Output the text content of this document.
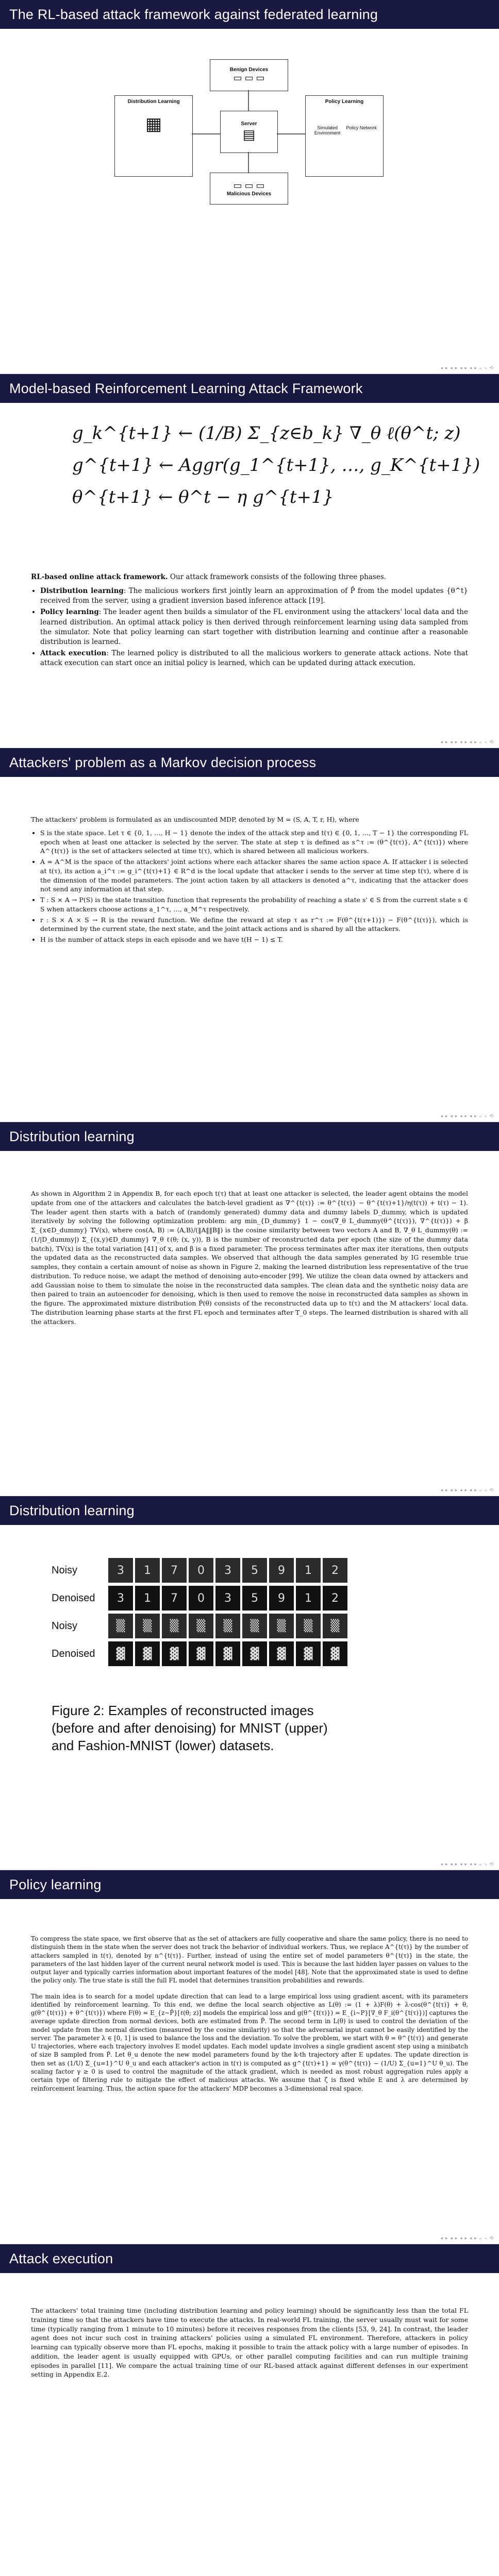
The RL-based attack framework against federated learning
Benign Devices
▭ ▭ ▭
Server
▤
▭ ▭ ▭
Malicious Devices
Distribution Learning
▦
Policy Learning
Simulated Environment
Policy Network
◂ ▸ ◂ ▸ ◂ ▸ ◂ ▸ ⤶ ⤷ ⟲
Model-based Reinforcement Learning Attack Framework
g_k^{t+1} ← (1/B) Σ_{z∈b_k} ∇_θ ℓ(θ^t; z)
g^{t+1} ← Aggr(g_1^{t+1}, …, g_K^{t+1})
θ^{t+1} ← θ^t − η g^{t+1}

RL-based online attack framework. Our attack framework consists of the following three phases.

• Distribution learning: The malicious workers first jointly learn an approximation of P̂ from the model updates {θ^t} received from the server, using a gradient inversion based inference attack [19].
• Policy learning: The leader agent then builds a simulator of the FL environment using the attackers' local data and the learned distribution. An optimal attack policy is then derived through reinforcement learning using data sampled from the simulator. Note that policy learning can start together with distribution learning and continue after a reasonable distribution is learned.
• Attack execution: The learned policy is distributed to all the malicious workers to generate attack actions. Note that attack execution can start once an initial policy is learned, which can be updated during attack execution.
◂ ▸ ◂ ▸ ◂ ▸ ◂ ▸ ⤶ ⤷ ⟲
Attackers' problem as a Markov decision process

The attackers' problem is formulated as an undiscounted MDP, denoted by M = (S, A, T, r, H), where

• S is the state space. Let τ ∈ {0, 1, …, H − 1} denote the index of the attack step and t(τ) ∈ {0, 1, …, T − 1} the corresponding FL epoch when at least one attacker is selected by the server. The state at step τ is defined as s^τ := (θ^{t(τ)}, A^{t(τ)}) where A^{t(τ)} is the set of attackers selected at time t(τ), which is shared between all malicious workers.
• A = A^M is the space of the attackers' joint actions where each attacker shares the same action space A. If attacker i is selected at t(τ), its action a_i^τ := g_i^{t(τ)+1} ∈ R^d is the local update that attacker i sends to the server at time step t(τ), where d is the dimension of the model parameters. The joint action taken by all attackers is denoted a^τ, indicating that the attacker does not send any information at that step.
• T : S × A → P(S) is the state transition function that represents the probability of reaching a state s' ∈ S from the current state s ∈ S when attackers choose actions a_1^τ, …, a_M^τ respectively.
• r : S × A × S → R is the reward function. We define the reward at step τ as r^τ := F(θ^{t(τ+1)}) − F(θ^{t(τ)}), which is determined by the current state, the next state, and the joint attack actions and is shared by all the attackers.
• H is the number of attack steps in each episode and we have t(H − 1) ≤ T.
◂ ▸ ◂ ▸ ◂ ▸ ◂ ▸ ⤶ ⤷ ⟲
Distribution learning

As shown in Algorithm 2 in Appendix B, for each epoch t(τ) that at least one attacker is selected, the leader agent obtains the model update from one of the attackers and calculates the batch-level gradient as ∇^{t(τ)} := θ^{t(τ)} − θ^{t(τ)+1}/η(t(τ)) + t(τ) − 1). The leader agent then starts with a batch of (randomly generated) dummy data and dummy labels D_dummy, which is updated iteratively by solving the following optimization problem: arg min_{D_dummy} 1 − cos(∇_θ L_dummy(θ^{t(τ)}), ∇^{t(τ)}) + β Σ_{x∈D_dummy} TV(x), where cos(A, B) := ⟨A,B⟩/(‖A‖‖B‖) is the cosine similarity between two vectors A and B, ∇_θ L_dummy(θ) := (1/|D_dummy|) Σ_{(x,y)∈D_dummy} ∇_θ ℓ(θ; (x, y)), B is the number of reconstructed data per epoch (the size of the dummy data batch), TV(x) is the total variation [41] of x, and β is a fixed parameter. The process terminates after max iter iterations, then outputs the updated data as the reconstructed data samples. We observed that although the data samples generated by IG resemble true samples, they contain a certain amount of noise as shown in Figure 2, making the learned distribution less representative of the true distribution. To reduce noise, we adapt the method of denoising auto-encoder [99]. We utilize the clean data owned by attackers and add Gaussian noise to them to simulate the noise in the reconstructed data samples. The clean data and the synthetic noisy data are then paired to train an autoencoder for denoising, which is then used to remove the noise in reconstructed data samples as shown in the figure. The approximated mixture distribution P̂(θ) consists of the reconstructed data up to t(τ) and the M attackers' local data. The distribution learning phase starts at the first FL epoch and terminates after T_0 steps. The learned distribution is shared with all the attackers.

◂ ▸ ◂ ▸ ◂ ▸ ◂ ▸ ⤶ ⤷ ⟲
Distribution learning
Noisy	3	1	7	0	3	5	9	1	2
Denoised	3	1	7	0	3	5	9	1	2
Noisy	▒	▒	▒	▒	▒	▒	▒	▒	▒
Denoised	▓	▓	▓	▓	▓	▓	▓	▓	▓
Figure 2: Examples of reconstructed images (before and after denoising) for MNIST (upper) and Fashion-MNIST (lower) datasets.
◂ ▸ ◂ ▸ ◂ ▸ ◂ ▸ ⤶ ⤷ ⟲
Policy learning

To compress the state space, we first observe that as the set of attackers are fully cooperative and share the same policy, there is no need to distinguish them in the state when the server does not track the behavior of individual workers. Thus, we replace A^{t(τ)} by the number of attackers sampled in t(τ), denoted by n^{t(τ)}. Further, instead of using the entire set of model parameters θ^{t(τ)} in the state, the parameters of the last hidden layer of the current neural network model is used. This is because the last hidden layer passes on values to the output layer and typically carries information about important features of the model [48]. Note that the approximated state is used to define the policy only. The true state is still the full FL model that determines transition probabilities and rewards.

The main idea is to search for a model update direction that can lead to a large empirical loss using gradient ascent, with its parameters identified by reinforcement learning. To this end, we define the local search objective as L(θ) := (1 + λ)F(θ) + λ·cos(θ^{t(τ)} + θ, g(θ^{t(τ)}) + θ^{t(τ)}) where F(θ) = E_{z∼P̂}[ℓ(θ; z)] models the empirical loss and g(θ^{t(τ)}) = E_{i∼P}[∇_θ F_i(θ^{t(τ)})] captures the average update direction from normal devices, both are estimated from P̂. The second term in L(θ) is used to control the deviation of the model update from the normal direction (measured by the cosine similarity) so that the adversarial input cannot be easily identified by the server. The parameter λ ∈ [0, 1] is used to balance the loss and the deviation. To solve the problem, we start with θ = θ^{t(τ)} and generate U trajectories, where each trajectory involves E model updates. Each model update involves a single gradient ascent step using a minibatch of size B sampled from P̂. Let θ_u denote the new model parameters found by the k-th trajectory after E updates. The update direction is then set as (1/U) Σ_{u=1}^U θ_u and each attacker's action in t(τ) is computed as g^{t(τ)+1} = γ(θ^{t(τ)} − (1/U) Σ_{u=1}^U θ_u). The scaling factor γ ≥ 0 is used to control the magnitude of the attack gradient, which is needed as most robust aggregation rules apply a certain type of filtering rule to mitigate the effect of malicious attacks. We assume that ζ is fixed while E and λ are determined by reinforcement learning. Thus, the action space for the attackers' MDP becomes a 3-dimensional real space.

◂ ▸ ◂ ▸ ◂ ▸ ◂ ▸ ⤶ ⤷ ⟲
Attack execution

The attackers' total training time (including distribution learning and policy learning) should be significantly less than the total FL training time so that the attackers have time to execute the attacks. In real-world FL training, the server usually must wait for some time (typically ranging from 1 minute to 10 minutes) before it receives responses from the clients [53, 9, 24]. In contrast, the leader agent does not incur such cost in training attackers' policies using a simulated FL environment. Therefore, attackers in policy learning can typically observe more than FL epochs, making it possible to train the attack policy with a large number of episodes. In addition, the leader agent is usually equipped with GPUs, or other parallel computing facilities and can run multiple training episodes in parallel [11]. We compare the actual training time of our RL-based attack against different defenses in our experiment setting in Appendix E.2.
